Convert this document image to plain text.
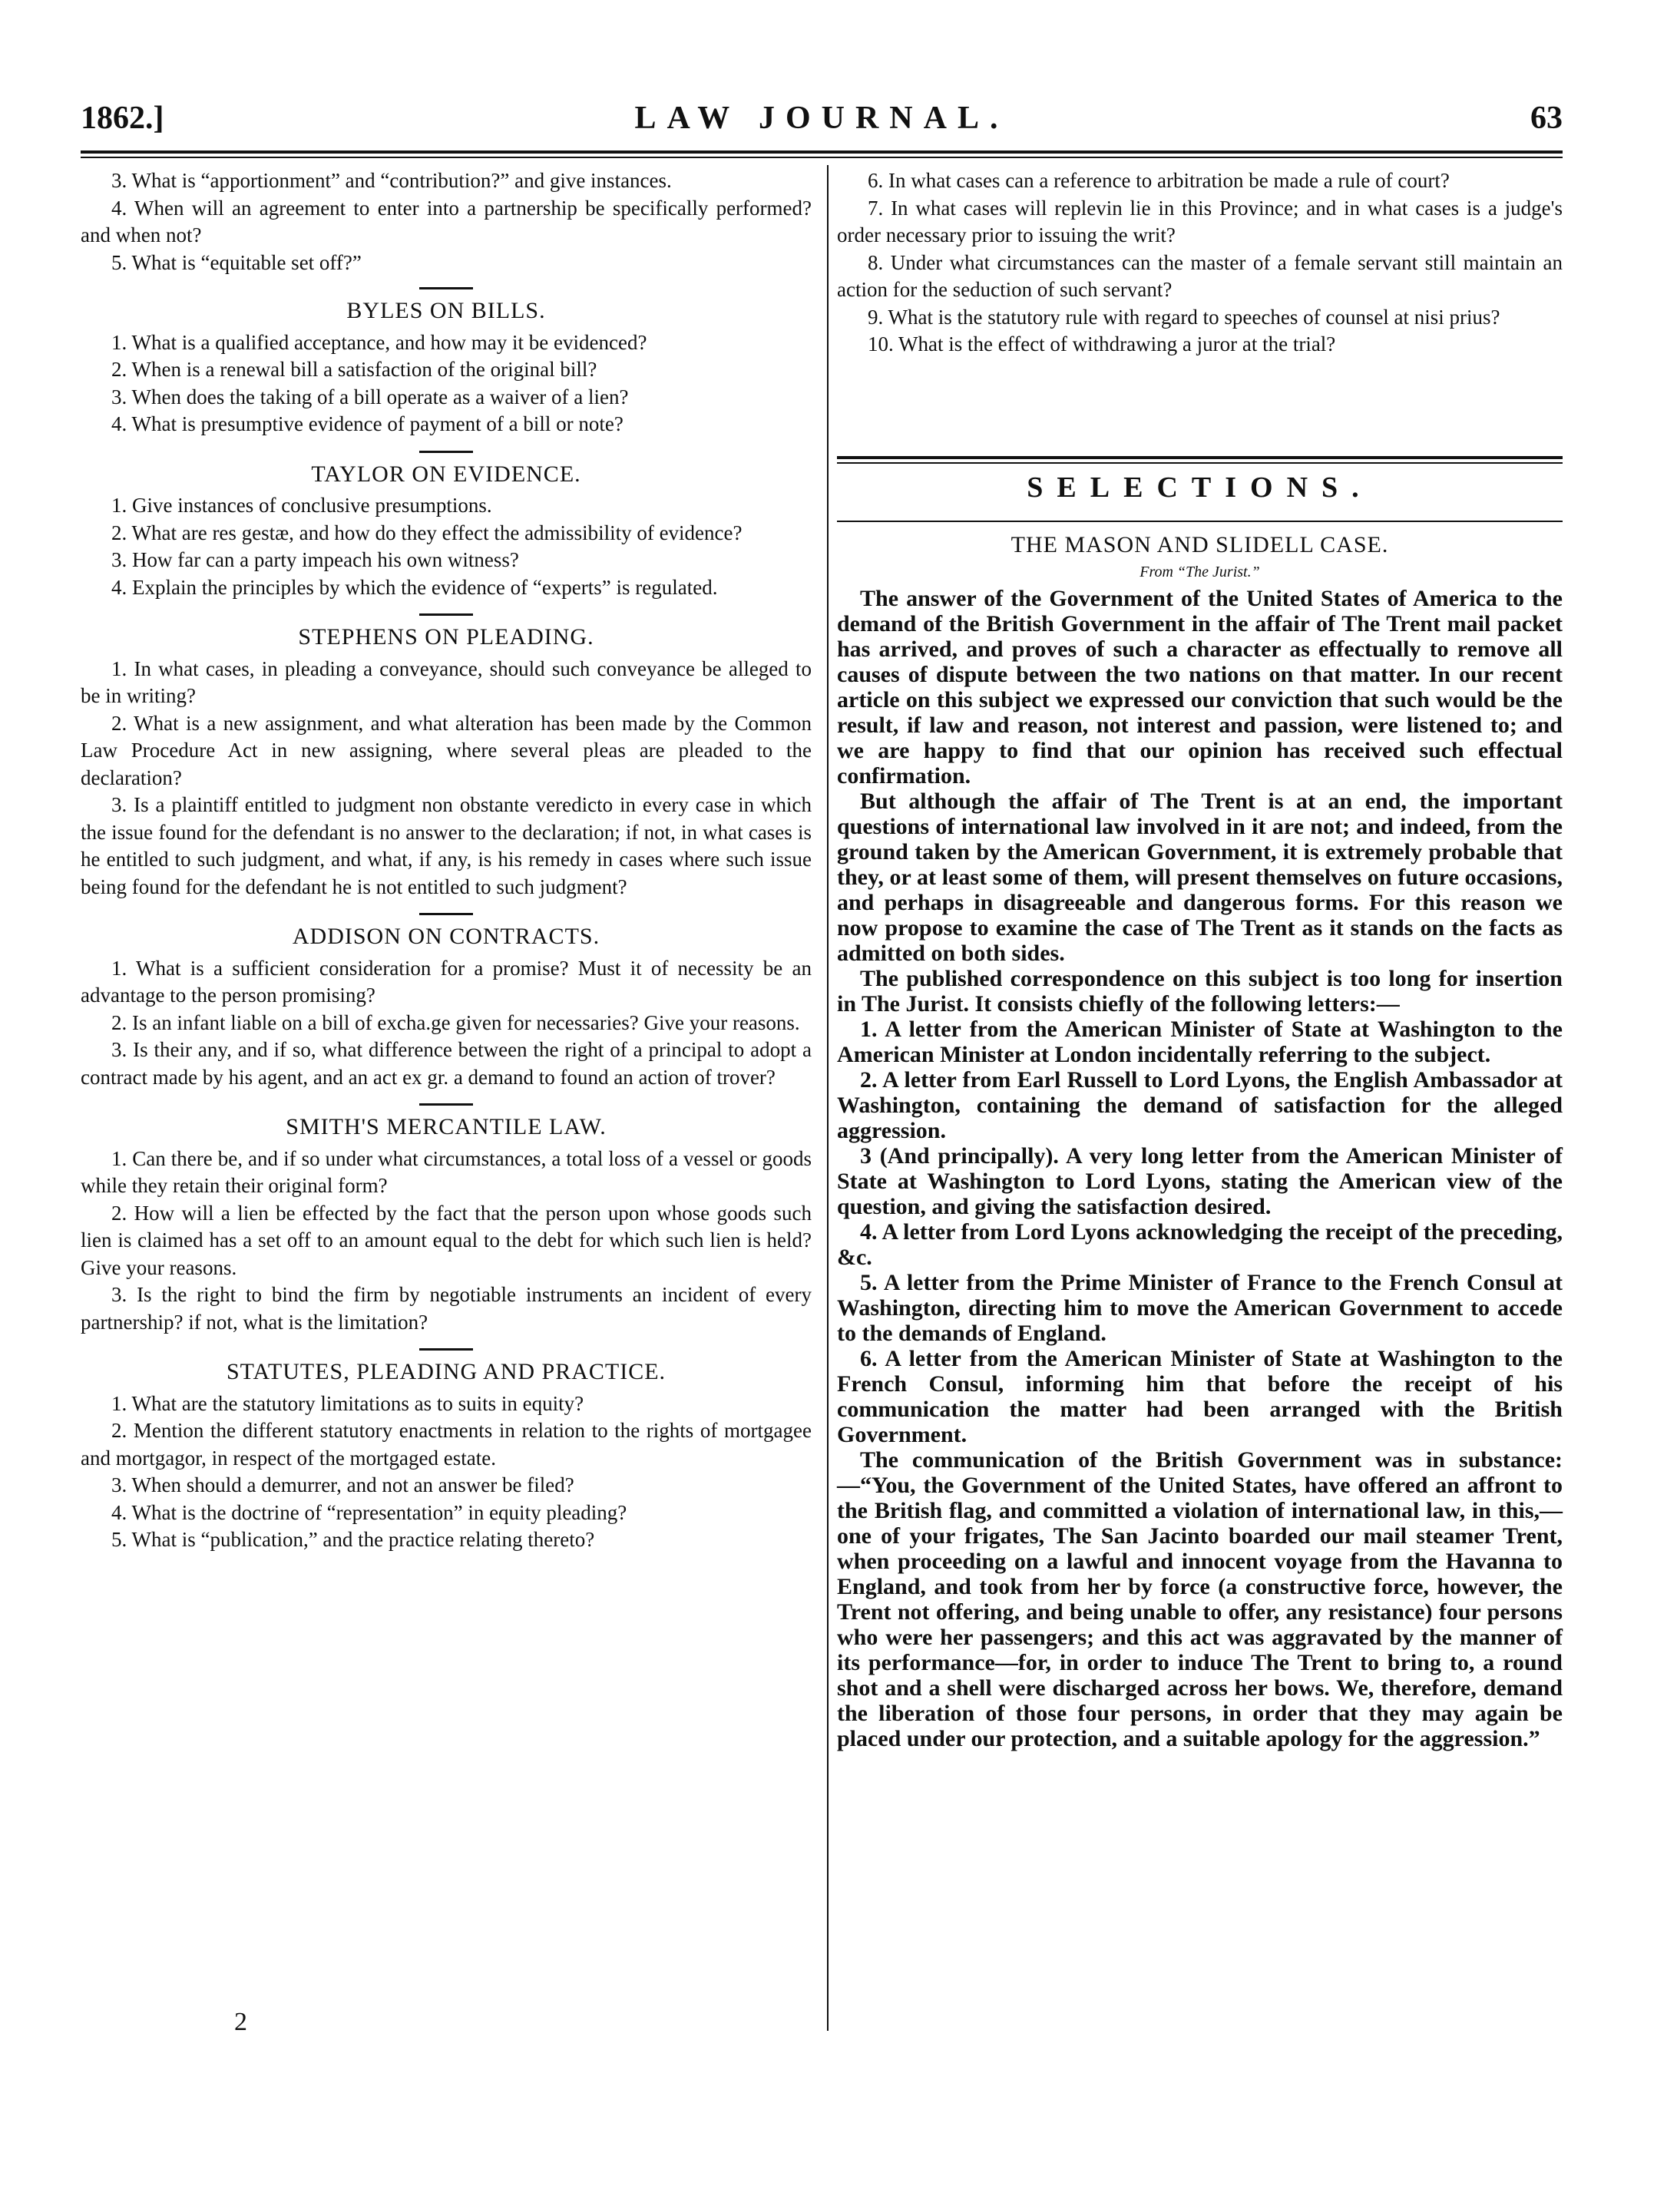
1862.]	LAW JOURNAL.	63

3. What is “apportionment” and “contribution?” and give instances.

4. When will an agreement to enter into a partnership be specifically performed? and when not?

5. What is “equitable set off?”

BYLES ON BILLS.

1. What is a qualified acceptance, and how may it be evidenced?

2. When is a renewal bill a satisfaction of the original bill?

3. When does the taking of a bill operate as a waiver of a lien?

4. What is presumptive evidence of payment of a bill or note?

TAYLOR ON EVIDENCE.

1. Give instances of conclusive presumptions.

2. What are res gestæ, and how do they effect the admissibility of evidence?

3. How far can a party impeach his own witness?

4. Explain the principles by which the evidence of “experts” is regulated.

STEPHENS ON PLEADING.

1. In what cases, in pleading a conveyance, should such conveyance be alleged to be in writing?

2. What is a new assignment, and what alteration has been made by the Common Law Procedure Act in new assigning, where several pleas are pleaded to the declaration?

3. Is a plaintiff entitled to judgment non obstante veredicto in every case in which the issue found for the defendant is no answer to the declaration; if not, in what cases is he entitled to such judgment, and what, if any, is his remedy in cases where such issue being found for the defendant he is not entitled to such judgment?

ADDISON ON CONTRACTS.

1. What is a sufficient consideration for a promise? Must it of necessity be an advantage to the person promising?

2. Is an infant liable on a bill of excha.ge given for necessaries? Give your reasons.

3. Is their any, and if so, what difference between the right of a principal to adopt a contract made by his agent, and an act ex gr. a demand to found an action of trover?

SMITH'S MERCANTILE LAW.

1. Can there be, and if so under what circumstances, a total loss of a vessel or goods while they retain their original form?

2. How will a lien be effected by the fact that the person upon whose goods such lien is claimed has a set off to an amount equal to the debt for which such lien is held? Give your reasons.

3. Is the right to bind the firm by negotiable instruments an incident of every partnership? if not, what is the limitation?

STATUTES, PLEADING AND PRACTICE.

1. What are the statutory limitations as to suits in equity?

2. Mention the different statutory enactments in relation to the rights of mortgagee and mortgagor, in respect of the mortgaged estate.

3. When should a demurrer, and not an answer be filed?

4. What is the doctrine of “representation” in equity pleading?

5. What is “publication,” and the practice relating thereto?

2

6. In what cases can a reference to arbitration be made a rule of court?

7. In what cases will replevin lie in this Province; and in what cases is a judge's order necessary prior to issuing the writ?

8. Under what circumstances can the master of a female servant still maintain an action for the seduction of such servant?

9. What is the statutory rule with regard to speeches of counsel at nisi prius?

10. What is the effect of withdrawing a juror at the trial?

SELECTIONS.

THE MASON AND SLIDELL CASE.

From “The Jurist.”

The answer of the Government of the United States of America to the demand of the British Government in the affair of The Trent mail packet has arrived, and proves of such a character as effectually to remove all causes of dispute between the two nations on that matter. In our recent article on this subject we expressed our conviction that such would be the result, if law and reason, not interest and passion, were listened to; and we are happy to find that our opinion has received such effectual confirmation.

But although the affair of The Trent is at an end, the important questions of international law involved in it are not; and indeed, from the ground taken by the American Government, it is extremely probable that they, or at least some of them, will present themselves on future occasions, and perhaps in disagreeable and dangerous forms. For this reason we now propose to examine the case of The Trent as it stands on the facts as admitted on both sides.

The published correspondence on this subject is too long for insertion in The Jurist. It consists chiefly of the following letters:—

1. A letter from the American Minister of State at Washington to the American Minister at London incidentally referring to the subject.

2. A letter from Earl Russell to Lord Lyons, the English Ambassador at Washington, containing the demand of satisfaction for the alleged aggression.

3 (And principally). A very long letter from the American Minister of State at Washington to Lord Lyons, stating the American view of the question, and giving the satisfaction desired.

4. A letter from Lord Lyons acknowledging the receipt of the preceding, &c.

5. A letter from the Prime Minister of France to the French Consul at Washington, directing him to move the American Government to accede to the demands of England.

6. A letter from the American Minister of State at Washington to the French Consul, informing him that before the receipt of his communication the matter had been arranged with the British Government.

The communication of the British Government was in substance:—“You, the Government of the United States, have offered an affront to the British flag, and committed a violation of international law, in this,—one of your frigates, The San Jacinto boarded our mail steamer Trent, when proceeding on a lawful and innocent voyage from the Havanna to England, and took from her by force (a constructive force, however, the Trent not offering, and being unable to offer, any resistance) four persons who were her passengers; and this act was aggravated by the manner of its performance—for, in order to induce The Trent to bring to, a round shot and a shell were discharged across her bows. We, therefore, demand the liberation of those four persons, in order that they may again be placed under our protection, and a suitable apology for the aggression.”
